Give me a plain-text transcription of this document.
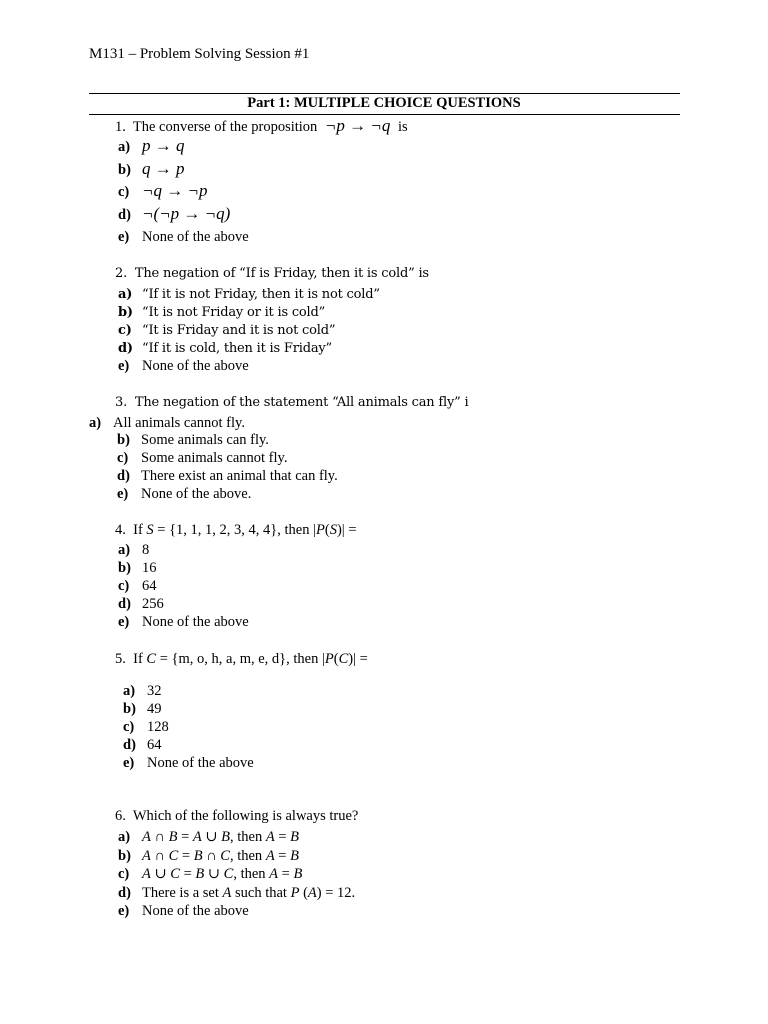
M131 – Problem Solving Session #1
Part 1: MULTIPLE CHOICE QUESTIONS
1. The converse of the proposition ¬p → ¬q is
a) p → q
b) q → p
c) ¬q → ¬p
d) ¬(¬p → ¬q)
e) None of the above
2. The negation of “If is Friday, then it is cold” is
a) “If it is not Friday, then it is not cold”
b) “It is not Friday or it is cold”
c) “It is Friday and it is not cold”
d) “If it is cold, then it is Friday”
e) None of the above
3. The negation of the statement “All animals can fly” i
a) All animals cannot fly.
b) Some animals can fly.
c) Some animals cannot fly.
d) There exist an animal that can fly.
e) None of the above.
4. If S = {1, 1, 1, 2, 3, 4, 4}, then |P(S)| =
a) 8
b) 16
c) 64
d) 256
e) None of the above
5. If C = {m, o, h, a, m, e, d}, then |P(C)| =
a) 32
b) 49
c) 128
d) 64
e) None of the above
6. Which of the following is always true?
a) A ∩ B = A ∪ B, then A = B
b) A ∩ C = B ∩ C, then A = B
c) A ∪ C = B ∪ C, then A = B
d) There is a set A such that P (A) = 12.
e) None of the above
